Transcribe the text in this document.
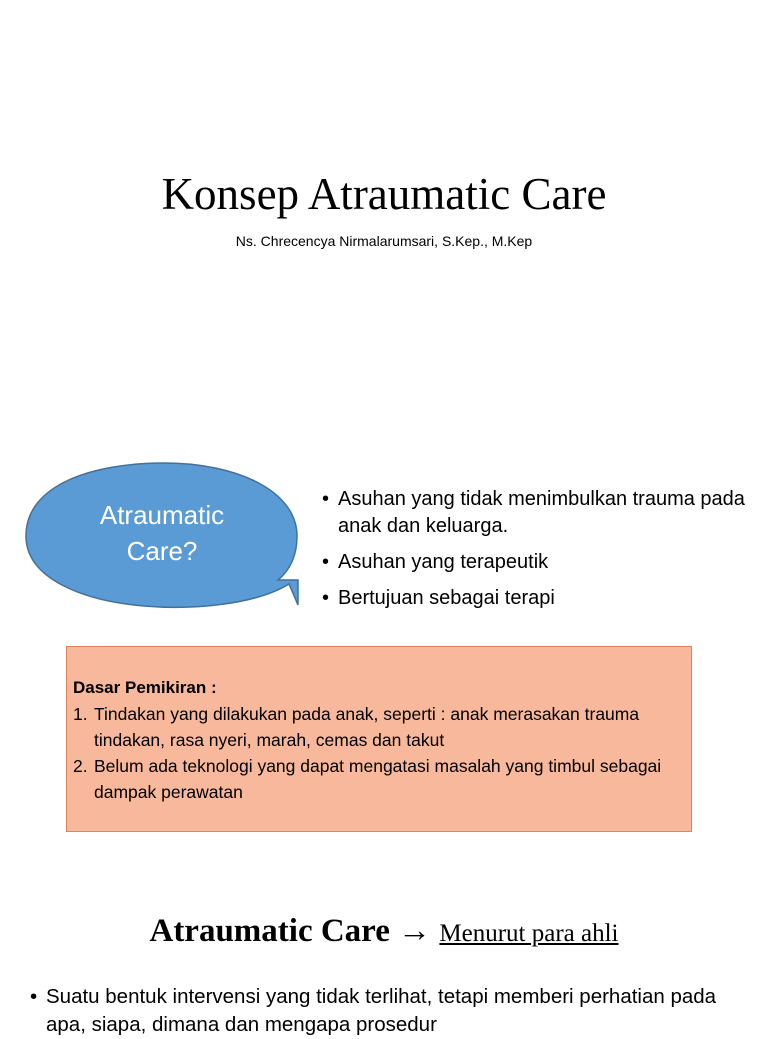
Konsep Atraumatic Care
Ns. Chrecencya Nirmalarumsari, S.Kep., M.Kep
Atraumatic Care?
• Asuhan yang tidak menimbulkan trauma pada anak dan keluarga.
• Asuhan yang terapeutik
• Bertujuan sebagai terapi
Dasar Pemikiran :
1. Tindakan yang dilakukan pada anak, seperti : anak merasakan trauma tindakan, rasa nyeri, marah, cemas dan takut
2. Belum ada teknologi yang dapat mengatasi masalah yang timbul sebagai dampak perawatan
Atraumatic Care → Menurut para ahli
• Suatu bentuk intervensi yang tidak terlihat, tetapi memberi perhatian pada apa, siapa, dimana dan mengapa prosedur
